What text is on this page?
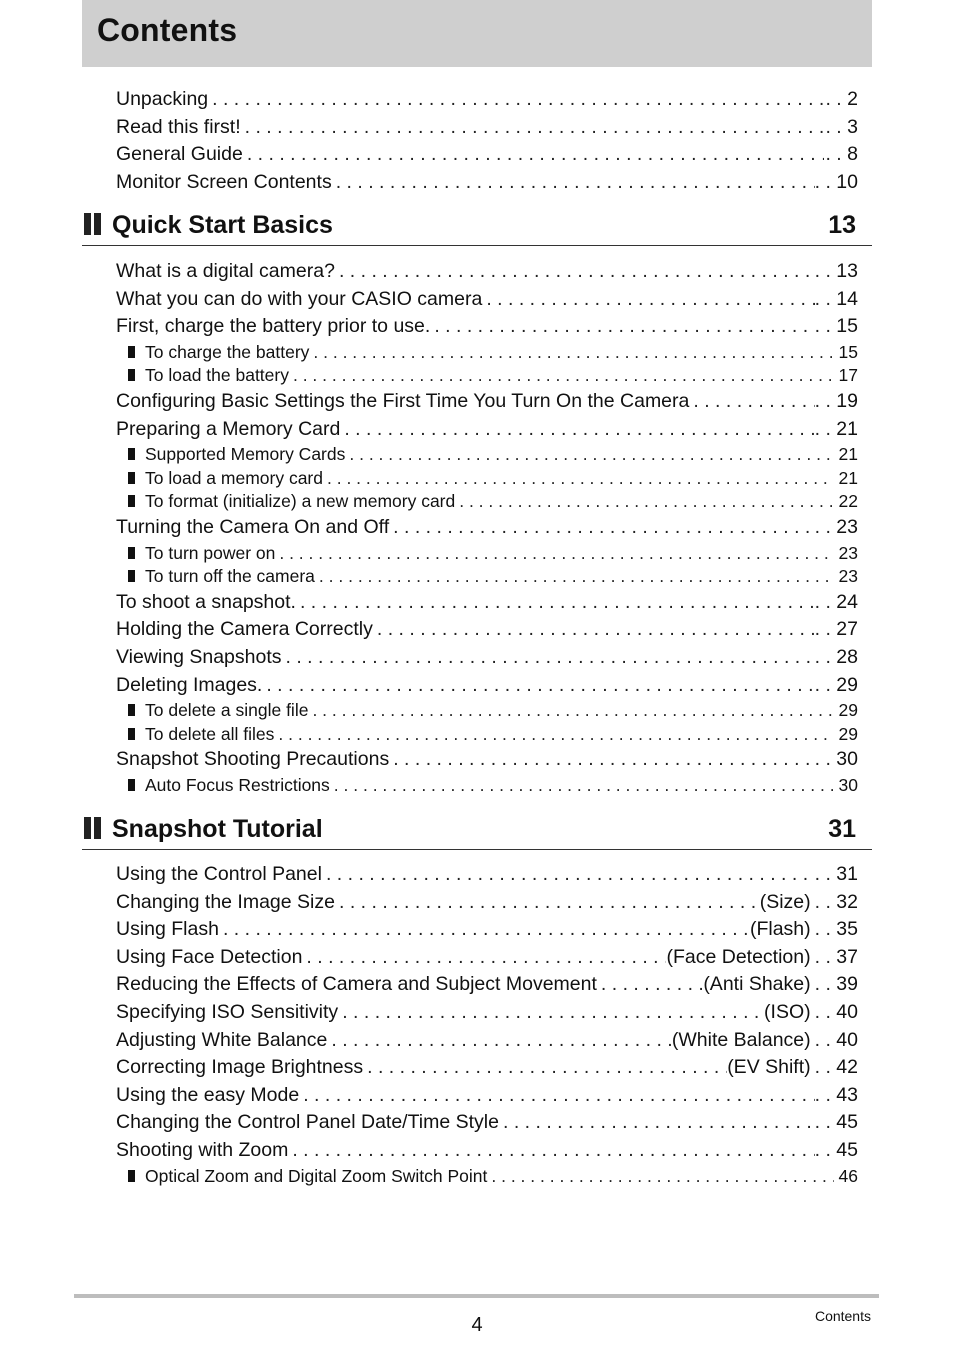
Contents
Unpacking . . .	. . 2
Read this first! . . .	. . 3
General Guide . . .	. . 8
Monitor Screen Contents . . .	. . 10
Quick Start Basics	13
What is a digital camera? . . .	. . 13
What you can do with your CASIO camera . . .	. . 14
First, charge the battery prior to use. . . .	. . 15
To charge the battery . . .	15
To load the battery . . .	17
Configuring Basic Settings the First Time You Turn On the Camera . . .	. . 19
Preparing a Memory Card . . .	. . 21
Supported Memory Cards . . .	21
To load a memory card . . .	21
To format (initialize) a new memory card . . .	22
Turning the Camera On and Off . . .	. . 23
To turn power on . . .	23
To turn off the camera . . .	23
To shoot a snapshot. . . .	. . 24
Holding the Camera Correctly . . .	. . 27
Viewing Snapshots . . .	. . 28
Deleting Images. . . .	. . 29
To delete a single file . . .	29
To delete all files . . .	29
Snapshot Shooting Precautions . . .	. . 30
Auto Focus Restrictions . . .	30
Snapshot Tutorial	31
Using the Control Panel . . .	. . 31
Changing the Image Size . . .	(Size)	. . 32
Using Flash . . .	(Flash)	. . 35
Using Face Detection . . .	(Face Detection)	. . 37
Reducing the Effects of Camera and Subject Movement . . .	(Anti Shake)	. . 39
Specifying ISO Sensitivity . . .	(ISO)	. . 40
Adjusting White Balance . . .	(White Balance)	. . 40
Correcting Image Brightness . . .	(EV Shift)	. . 42
Using the easy Mode . . .	. . 43
Changing the Control Panel Date/Time Style . . .	. . 45
Shooting with Zoom . . .	. . 45
Optical Zoom and Digital Zoom Switch Point . . .	46
4	Contents
